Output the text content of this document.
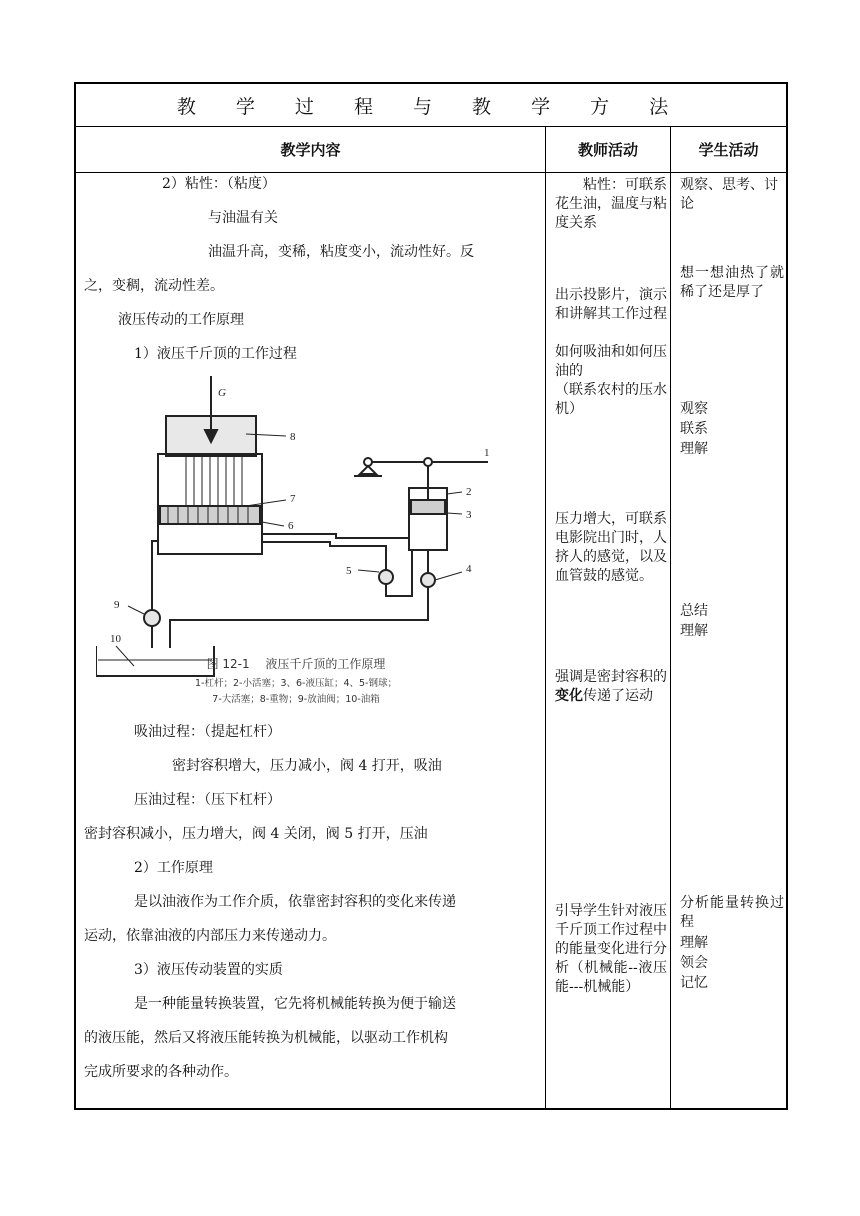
教 学 过 程 与 教 学 方 法
教学内容	教师活动	学生活动
2）粘性：（粘度）
与油温有关
油温升高，变稀，粘度变小，流动性好。反
之，变稠，流动性差。
液压传动的工作原理
1）液压千斤顶的工作过程
G
8
1
2
3
4
5
6
7
9
10
图 12-1　 液压千斤顶的工作原理
1-杠杆；2-小活塞；3、6-液压缸；4、5-钢球；
7-大活塞；8-重物；9-放油阀；10-油箱
吸油过程：（提起杠杆）
密封容积增大，压力减小，阀 4 打开，吸油
压油过程：（压下杠杆）
密封容积减小，压力增大，阀 4 关闭，阀 5 打开，压油
2）工作原理
是以油液作为工作介质，依靠密封容积的变化来传递
运动，依靠油液的内部压力来传递动力。
3）液压传动装置的实质
是一种能量转换装置，它先将机械能转换为便于输送
的液压能，然后又将液压能转换为机械能，以驱动工作机构
完成所要求的各种动作。
粘性：可联系花生油，温度与粘度关系
出示投影片，演示和讲解其工作过程
如何吸油和如何压油的
（联系农村的压水机）
压力增大，可联系电影院出门时，人挤人的感觉，以及血管鼓的感觉。
强调是密封容积的变化传递了运动
引导学生针对液压千斤顶工作过程中的能量变化进行分析（机械能--液压能---机械能）
观察、思考、讨论
想一想油热了就稀了还是厚了
观察
联系
理解
总结
理解
分析能量转换过程
理解
领会
记忆
